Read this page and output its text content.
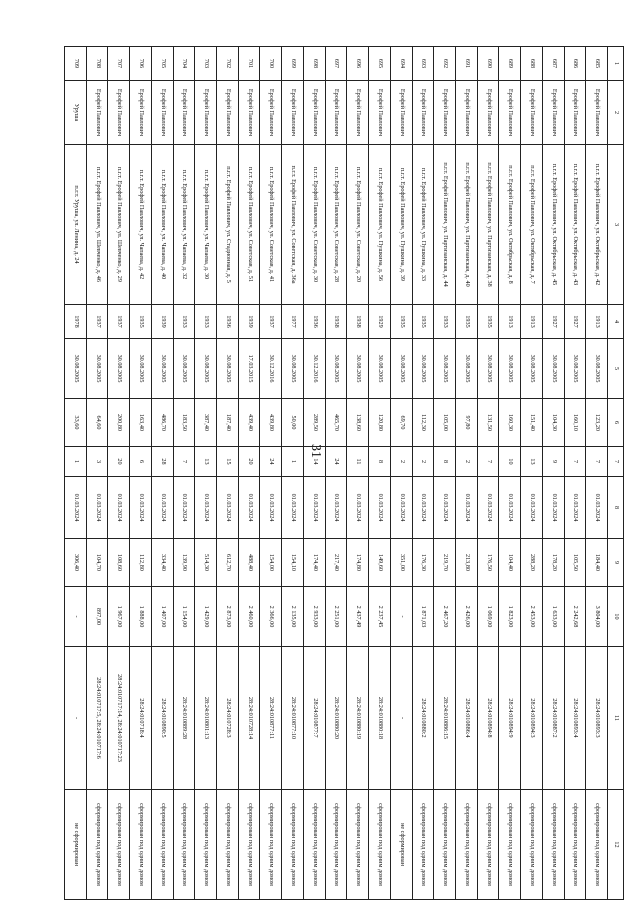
31
1	2	3	4	5	6	7	8	9	10	11	12
685	Ерофей Павлович	п.г.т. Ерофей Павлович, ул. Октябрьская, д. 42	1913	30.08.2005	123,20	7	01.03.2024	184,40	3 804,00	28:24:010893:3	сформирован под одним домом
686	Ерофей Павлович	п.г.т. Ерофей Павлович, ул. Октябрьская, д. 43	1927	30.08.2005	160,10	7	01.03.2024	105,50	2 242,68	28:24:010893:4	сформирован под одним домом
687	Ерофей Павлович	п.г.т. Ерофей Павлович, ул. Октябрьская, д. 45	1927	30.08.2005	104,30	9	01.03.2024	178,20	1 633,00	28:24:010887:2	сформирован под одним домом
688	Ерофей Павлович	п.г.т. Ерофей Павлович, ул. Октябрьская, д. 7	1913	30.08.2005	151,40	13	01.03.2024	288,20	2 453,00	28:24:010894:3	сформирован под одним домом
689	Ерофей Павлович	п.г.т. Ерофей Павлович, ул. Октябрьская, д. 8	1913	30.08.2005	160,30	10	01.03.2024	104,40	1 823,00	28:24:010894:9	сформирован под одним домом
690	Ерофей Павлович	п.г.т. Ерофей Павлович, ул. Партизанская, д. 38	1935	30.08.2005	131,50	7	01.03.2024	176,50	1 069,00	28:24:010894:8	сформирован под одним домом
691	Ерофей Павлович	п.г.т. Ерофей Павлович, ул. Партизанская, д. 40	1935	30.08.2005	97,80	2	01.03.2024	213,80	2 426,00	28:24:010886:4	сформирован под одним домом
692	Ерофей Павлович	п.г.т. Ерофей Павлович, ул. Партизанская, д. 44	1933	30.08.2005	105,00	8	01.03.2024	219,70	2 467,20	28:24:010886:15	сформирован под одним домом
693	Ерофей Павлович	п.г.т. Ерофей Павлович, ул. Пушкина, д. 33	1935	30.08.2005	112,30	2	01.03.2024	176,30	1 871,03	28:24:010880:2	сформирован под одним домом
694	Ерофей Павлович	п.г.т. Ерофей Павлович, ул. Пушкина, д. 39	1935	30.08.2005	69,70	2	01.03.2024	351,00	-	-	не сформирован
695	Ерофей Павлович	п.г.т. Ерофей Павлович, ул. Пушкина, д. 56	1929	30.08.2005	120,80	8	01.03.2024	149,60	2 237,45	28:24:010880:18	сформирован под одним домом
696	Ерофей Павлович	п.г.т. Ерофей Павлович, ул. Советская, д. 20	1938	30.08.2005	138,60	11	01.03.2024	174,80	2 437,49	28:24:010880:19	сформирован под одним домом
697	Ерофей Павлович	п.г.т. Ерофей Павлович, ул. Советская, д. 28	1938	30.08.2005	465,70	24	01.03.2024	217,40	2 251,00	28:24:010880:20	сформирован под одним домом
698	Ерофей Павлович	п.г.т. Ерофей Павлович, ул. Советская, д. 30	1936	30.12.2016	289,50	14	01.03.2024	174,40	2 933,00	28:24:010877:7	сформирован под одним домом
699	Ерофей Павлович	п.г.т. Ерофей Павлович, ул. Советская, д. 36а	1977	30.08.2005	50,00	1	01.03.2024	154,10	2 135,00	28:24:010877:10	сформирован под одним домом
700	Ерофей Павлович	п.г.т. Ерофей Павлович, ул. Советская, д. 41	1937	30.12.2016	439,80	24	01.03.2024	154,00	2 366,00	28:24:010877:11	сформирован под одним домом
701	Ерофей Павлович	п.г.т. Ерофей Павлович, ул. Советская, д. 51	1939	17.03.2015	439,40	20	01.03.2024	488,40	2 460,00	28:24:010728:14	сформирован под одним домом
702	Ерофей Павлович	п.г.т. Ерофей Павлович, ул. Стадионная, д. 5	1936	30.08.2005	187,40	15	01.03.2024	612,70	2 873,00	28:24:010728:3	сформирован под одним домом
703	Ерофей Павлович	п.г.т. Ерофей Павлович, ул. Чапаева, д. 30	1933	30.08.2005	387,40	13	01.03.2024	514,30	1 429,00	28:24:010801:13	сформирован под одним домом
704	Ерофей Павлович	п.г.т. Ерофей Павлович, ул. Чапаева, д. 32	1933	30.08.2005	183,50	7	01.03.2024	139,90	1 154,00	28:24:010889:28	сформирован под одним домом
705	Ерофей Павлович	п.г.т. Ерофей Павлович, ул. Чапаева, д. 40	1939	30.08.2005	486,70	28	01.03.2024	334,40	1 407,00	28:24:010890:5	сформирован под одним домом
706	Ерофей Павлович	п.г.т. Ерофей Павлович, ул. Чапаева, д. 42	1935	30.08.2005	163,40	6	01.03.2024	112,80	1 888,00	28:24:010718:4	сформирован под одним домом
707	Ерофей Павлович	п.г.т. Ерофей Павлович, ул. Шевченко, д. 29	1937	30.08.2005	200,80	20	01.03.2024	108,60	1 967,00	28:24:010717:14, 28:24:010717:23	сформирован под одним домом
708	Ерофей Павлович	п.г.т. Ерофей Павлович, ул. Шевченко, д. 46	1937	30.08.2005	64,60	3	01.03.2024	104,70	897,00	28:24:010717:5, 28:24:010717:6	сформирован под одним домом
709	Уруша	п.г.т. Уруша, ул. Ленина, д. 24	1978	30.08.2005	33,60	1	01.03.2024	306,40	-	-	не сформирован
